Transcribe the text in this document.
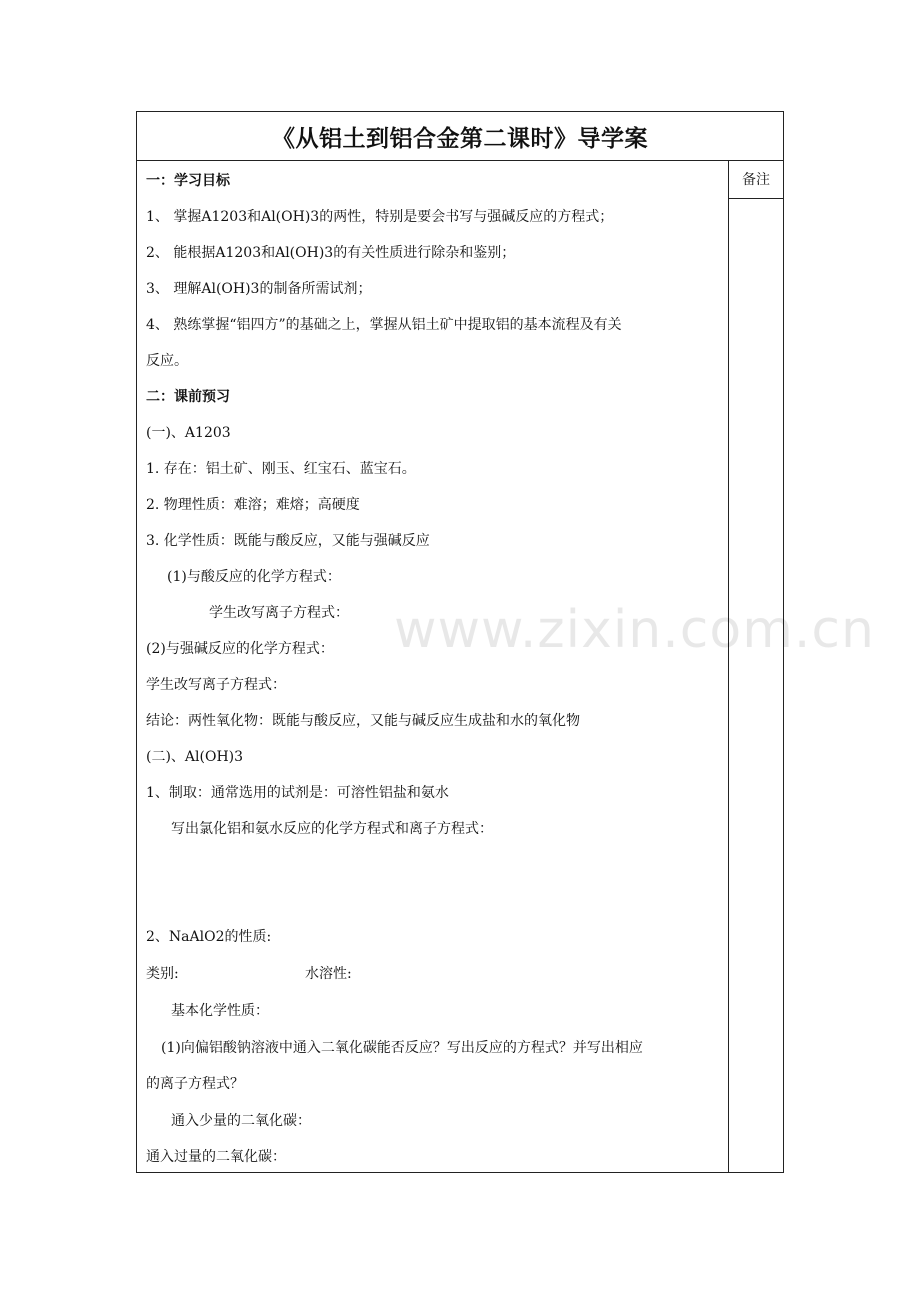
《从铝土到铝合金第二课时》导学案
一：学习目标
1、 掌握A1203和Al(OH)3的两性，特别是要会书写与强碱反应的方程式；
2、 能根据A1203和Al(OH)3的有关性质进行除杂和鉴别；
3、 理解Al(OH)3的制备所需试剂；
4、 熟练掌握“铝四方”的基础之上，掌握从铝土矿中提取铝的基本流程及有关
反应。
二：课前预习
(一)、A1203
1. 存在：铝土矿、刚玉、红宝石、蓝宝石。
2. 物理性质：难溶；难熔；高硬度
3. 化学性质：既能与酸反应，又能与强碱反应
(1)与酸反应的化学方程式：
学生改写离子方程式：
(2)与强碱反应的化学方程式：
学生改写离子方程式：
结论：两性氧化物：既能与酸反应，又能与碱反应生成盐和水的氧化物
(二)、Al(OH)3
1、制取：通常选用的试剂是：可溶性铝盐和氨水
写出氯化铝和氨水反应的化学方程式和离子方程式：
2、NaAlO2的性质:
类别:	水溶性:
基本化学性质：
(1)向偏铝酸钠溶液中通入二氧化碳能否反应？写出反应的方程式？并写出相应
的离子方程式？
通入少量的二氧化碳：
通入过量的二氧化碳：
备注
www.zixin.com.cn
